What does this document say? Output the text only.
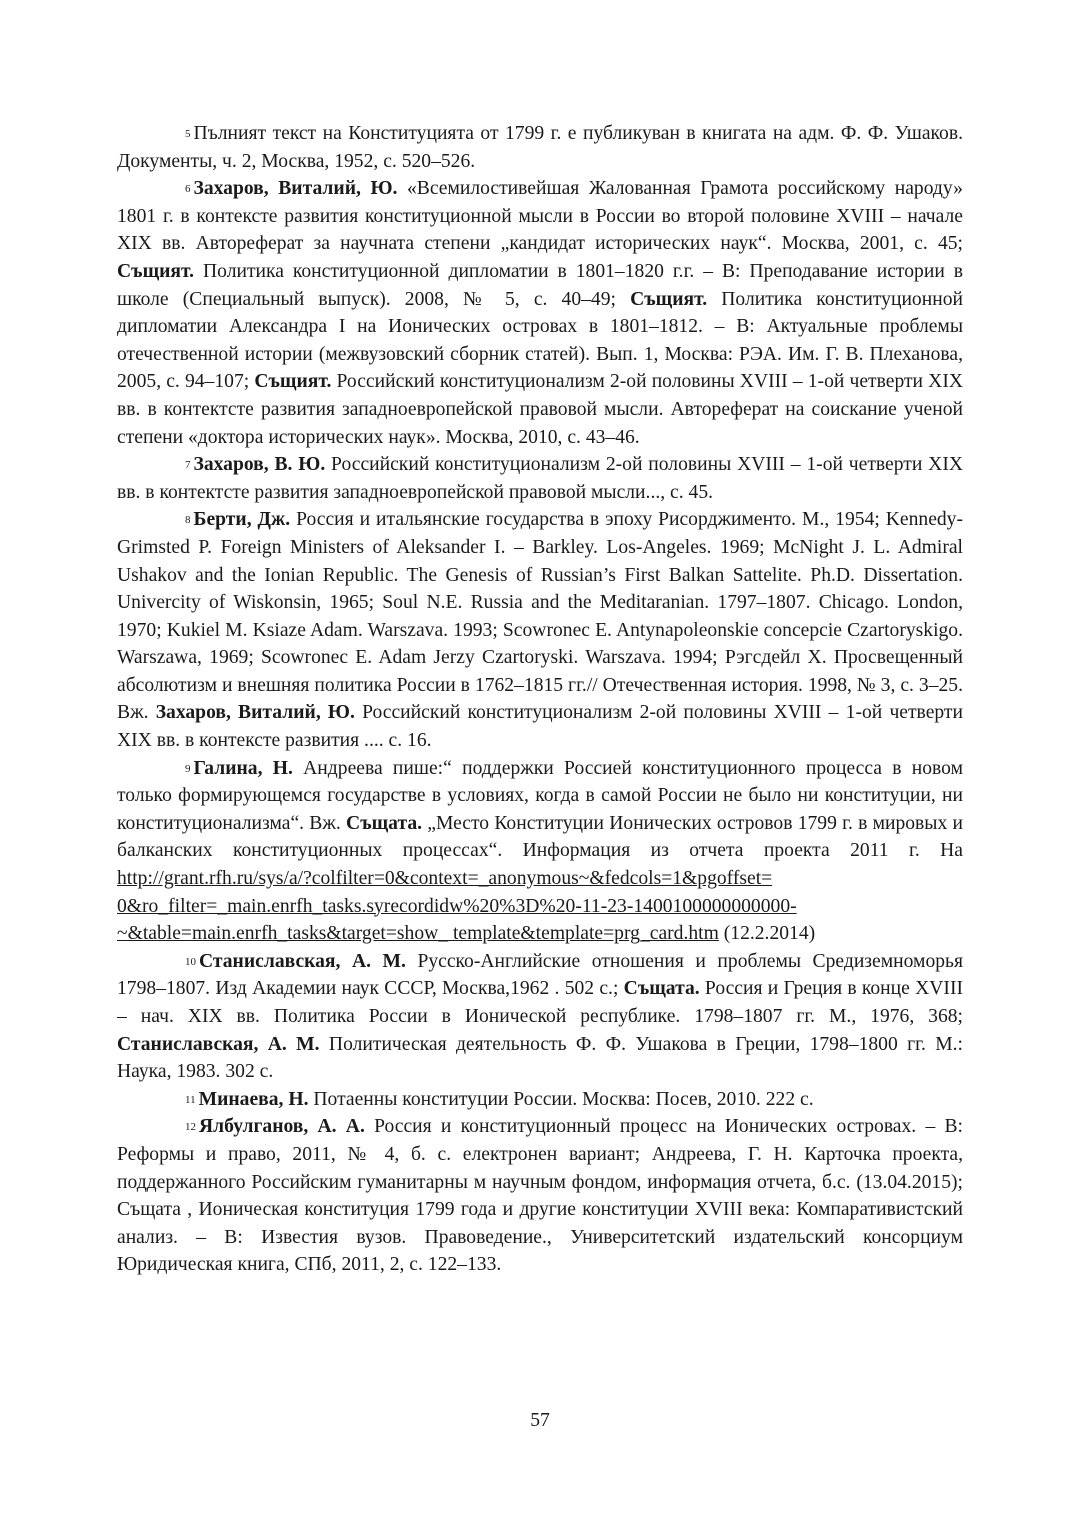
$^5$ Пълният текст на Конституцията от 1799 г. е публикуван в книгата на адм. Ф. Ф. Ушаков. Документы, ч. 2, Москва, 1952, с. 520–526.

$^6$ Захаров, Виталий, Ю. «Всемилостивейшая Жалованная Грамота российскому народу» 1801 г. в контексте развития конституционной мысли в России во второй половине XVIII – начале XIX вв. Автореферат за научната степени „кандидат исторических наук“. Москва, 2001, с. 45; Същият. Политика конституционной дипломатии в 1801–1820 г.г. – В: Преподавание истории в школе (Специальный выпуск). 2008, № 5, с. 40–49; Същият. Политика конституционной дипломатии Александра I на Ионических островах в 1801–1812. – В: Актуальные проблемы отечественной истории (межвузовский сборник статей). Вып. 1, Москва: РЭА. Им. Г. В. Плеханова, 2005, с. 94–107; Същият. Российский конституционализм 2-ой половины XVIII – 1-ой четверти XIX вв. в контектсте развития западноевропейской правовой мысли. Автореферат на соискание ученой степени «доктора исторических наук». Москва, 2010, с. 43–46.

$^7$ Захаров, В. Ю. Российский конституционализм 2-ой половины XVIII – 1-ой четверти XIX вв. в контектсте развития западноевропейской правовой мысли..., с. 45.

$^8$ Берти, Дж. Россия и итальянские государства в эпоху Рисорджименто. М., 1954; Kennedy-Grimsted P. Foreign Ministers of Aleksander I. – Barkley. Los-Angeles. 1969; McNight J. L. Admiral Ushakov and the Ionian Republic. The Genesis of Russian’s First Balkan Sattelite. Ph.D. Dissertation. Univercity of Wiskonsin, 1965; Soul N.E. Russia and the Meditaranian. 1797–1807. Chicago. London, 1970; Kukiel M. Ksiaze Adam. Warszava. 1993; Scowronec E. Antynapoleonskie concepcie Czartoryskigo. Warszawa, 1969; Scowronec E. Adam Jerzy Czartoryski. Warszava. 1994; Рэгсдейл Х. Просвещенный абсолютизм и внешняя политика России в 1762–1815 гг.// Отечественная история. 1998, № 3, с. 3–25. Вж. Захаров, Виталий, Ю. Российский конституционализм 2-ой половины XVIII – 1-ой четверти XIX вв. в контексте развития .... с. 16.

$^9$ Галина, Н. Андреева пише:“ поддержки Россией конституционного процесса в новом только формирующемся государстве в условиях, когда в самой России не было ни конституции, ни конституционализма“. Вж. Същата. „Место Конституции Ионических островов 1799 г. в мировых и балканских конституционных процессах“. Информация из отчета проекта 2011 г. На http://grant.rfh.ru/sys/a/?colfilter=0&context=_anonymous~&fedcols=1&pgoffset= 0&ro_filter=_main.enrfh_tasks.syrecordidw%20%3D%20-11-23-1400100000000000-~&table=main.enrfh_tasks&target=show_ template&template=prg_card.htm (12.2.2014)

$^{10}$ Станиславская, А. М. Русско-Английские отношения и проблемы Средиземноморья 1798–1807. Изд Академии наук СССР, Москва,1962 . 502 с.; Същата. Россия и Греция в конце XVIII – нач. XIX вв. Политика России в Ионической республике. 1798–1807 гг. М., 1976, 368; Станиславская, А. М. Политическая деятельность Ф. Ф. Ушакова в Греции, 1798–1800 гг. М.: Наука, 1983. 302 с.

$^{11}$ Минаева, Н. Потаенны конституции России. Москва: Посев, 2010. 222 с.

$^{12}$ Ялбулганов, А. А. Россия и конституционный процесс на Ионических островах. – В: Реформы и право, 2011, № 4, б. с. електронен вариант; Андреева, Г. Н. Карточка проекта, поддержанного Российским гуманитарны м научным фондом, информация отчета, б.с. (13.04.2015); Същата , Ионическая конституция 1799 года и другие конституции XVIII века: Компаративистский анализ. – В: Известия вузов. Правоведение., Университетский издательский консорциум Юридическая книга, СПб, 2011, 2, с. 122–133.

57
